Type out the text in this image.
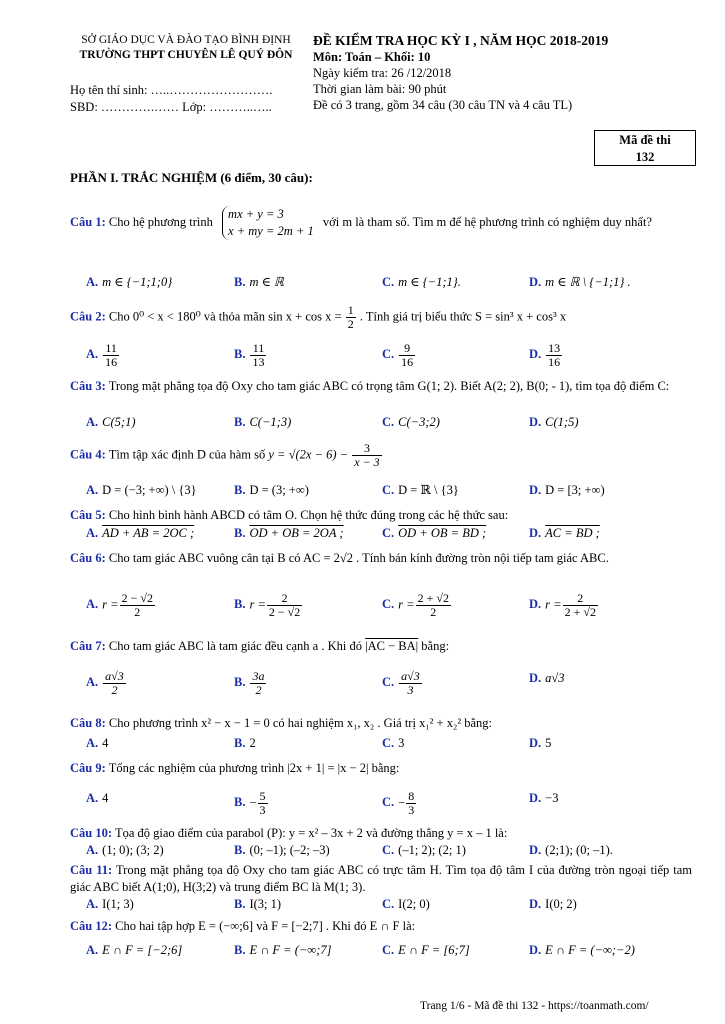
SỞ GIÁO DỤC VÀ ĐÀO TẠO BÌNH ĐỊNH
TRƯỜNG THPT CHUYÊN LÊ QUÝ ĐÔN
ĐỀ KIỂM TRA HỌC KỲ I , NĂM HỌC 2018-2019
Môn: Toán – Khối: 10
Ngày kiểm tra: 26 /12/2018
Thời gian làm bài: 90 phút
Đề có 3 trang, gồm 34 câu (30 câu TN và 4 câu TL)
Họ tên thí sinh: …..…………………….
SBD: ………….…… Lớp: ………..…..
Mã đề thi
132
PHẦN I. TRẮC NGHIỆM (6 điểm, 30 câu):
Câu 1: Cho hệ phương trình
mx + y = 3
x + my = 2m + 1
với m là tham số. Tìm m để hệ phương trình có nghiệm duy nhất?
A. m ∈ {−1;1;0}	B. m ∈ ℝ	C. m ∈ {−1;1}.	D. m ∈ ℝ \ {−1;1} .
Câu 2: Cho 0⁰ < x < 180⁰ và thỏa mãn $\sin x + \cos x = \frac{1}{2}$ . Tính giá trị biểu thức S = sin³ x + cos³ x
A. $\frac{11}{16}$	B. $\frac{11}{13}$	C. $\frac{9}{16}$	D. $\frac{13}{16}$
Câu 3: Trong mặt phẳng tọa độ Oxy cho tam giác ABC có trọng tâm G(1; 2). Biết A(2; 2), B(0; - 1), tìm tọa độ điểm C:
A. C(5;1)	B. C(−1;3)	C. C(−3;2)	D. C(1;5)
Câu 4: Tìm tập xác định D của hàm số $y = √(2x - 6) - \frac{3}{x - 3}$
A. D = (−3; +∞) \ {3}	B. D = (3; +∞)	C. D = ℝ \ {3}	D. D = [3; +∞)
Câu 5: Cho hình bình hành ABCD có tâm O. Chọn hệ thức đúng trong các hệ thức sau:
A. AD + AB = 2OC ;	B. OD + OB = 2OA ;	C. OD + OB = BD ;	D. AC = BD ;
Câu 6: Cho tam giác ABC vuông cân tại B có AC = 2√2 . Tính bán kính đường tròn nội tiếp tam giác ABC.
A. $r = \frac{2 - √2}{2}$	B. $r = \frac{2}{2 - √2}$	C. $r = \frac{2 + √2}{2}$	D. $r = \frac{2}{2 + √2}$
Câu 7: Cho tam giác ABC là tam giác đều cạnh a . Khi đó |AC − BA| bằng:
A. $\frac{a√3}{2}$	B. $\frac{3a}{2}$	C. $\frac{a√3}{3}$	D. a√3
Câu 8: Cho phương trình x² − x − 1 = 0 có hai nghiệm x₁, x₂ . Giá trị x₁² + x₂² bằng:
A. 4	B. 2	C. 3	D. 5
Câu 9: Tổng các nghiệm của phương trình |2x + 1| = |x − 2| bằng:
A. 4	B. − $\frac{5}{3}$	C. − $\frac{8}{3}$	D. −3
Câu 10: Tọa độ giao điểm của parabol (P): y = x² – 3x + 2 và đường thẳng y = x – 1 là:
A. (1; 0); (3; 2)	B. (0; –1); (–2; –3)	C. (–1; 2); (2; 1)	D. (2;1); (0; –1).
Câu 11: Trong mặt phẳng tọa độ Oxy cho tam giác ABC có trực tâm H. Tìm tọa độ tâm I của đường tròn ngoại tiếp tam giác ABC biết A(1;0), H(3;2) và trung điểm BC là M(1; 3).
A. I(1; 3)	B. I(3; 1)	C. I(2; 0)	D. I(0; 2)
Câu 12: Cho hai tập hợp E = (−∞;6] và F = [−2;7] . Khi đó E ∩ F là:
A. E ∩ F = [−2;6]	B. E ∩ F = (−∞;7]	C. E ∩ F = [6;7]	D. E ∩ F = (−∞;−2)
Trang 1/6 - Mã đề thi 132 - https://toanmath.com/
